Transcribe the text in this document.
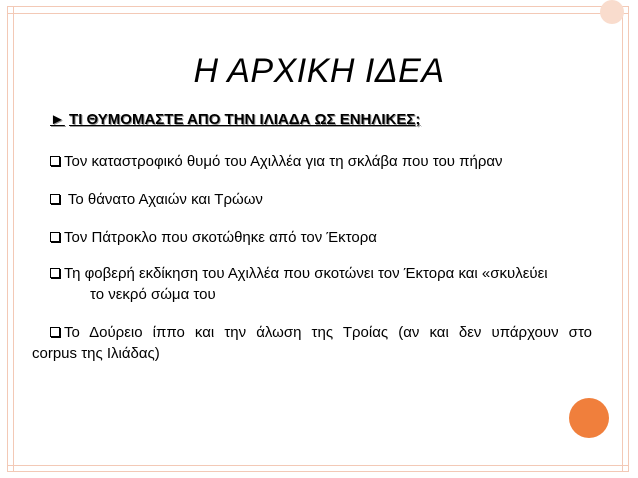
Η ΑΡΧΙΚΗ ΙΔΕΑ
► ΤΙ ΘΥΜΟΜΑΣΤΕ ΑΠΟ ΤΗΝ ΙΛΙΑΔΑ ΩΣ ΕΝΗΛΙΚΕΣ;
Τον καταστροφικό θυμό του Αχιλλέα για τη σκλάβα που του πήραν
Το θάνατο Αχαιών και Τρώων
Τον Πάτροκλο που σκοτώθηκε από τον Έκτορα
Τη φοβερή εκδίκηση του Αχιλλέα που σκοτώνει τον Έκτορα και «σκυλεύει
το νεκρό σώμα του
Το Δούρειο ίππο και την άλωση της Τροίας (αν και δεν υπάρχουν στο
corpus της Ιλιάδας)
